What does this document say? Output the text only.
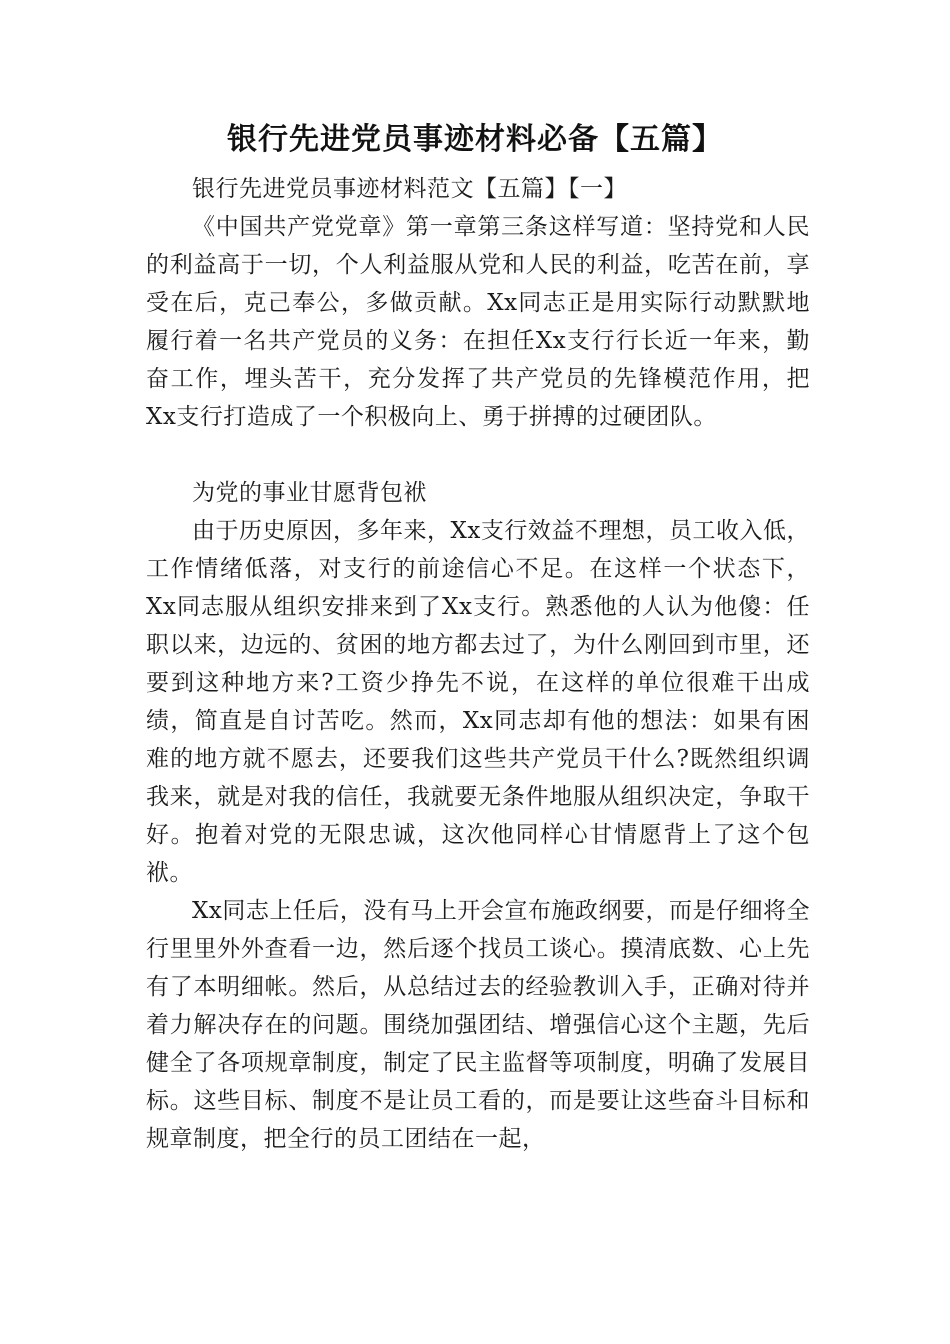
银行先进党员事迹材料必备【五篇】

银行先进党员事迹材料范文【五篇】【一】

《中国共产党党章》第一章第三条这样写道：坚持党和人民的利益高于一切，个人利益服从党和人民的利益，吃苦在前，享受在后，克己奉公，多做贡献。Xx同志正是用实际行动默默地履行着一名共产党员的义务：在担任Xx支行行长近一年来，勤奋工作，埋头苦干，充分发挥了共产党员的先锋模范作用，把Xx支行打造成了一个积极向上、勇于拼搏的过硬团队。

为党的事业甘愿背包袱

由于历史原因，多年来，Xx支行效益不理想，员工收入低，工作情绪低落，对支行的前途信心不足。在这样一个状态下，Xx同志服从组织安排来到了Xx支行。熟悉他的人认为他傻：任职以来，边远的、贫困的地方都去过了，为什么刚回到市里，还要到这种地方来?工资少挣先不说，在这样的单位很难干出成绩，简直是自讨苦吃。然而，Xx同志却有他的想法：如果有困难的地方就不愿去，还要我们这些共产党员干什么?既然组织调我来，就是对我的信任，我就要无条件地服从组织决定，争取干好。抱着对党的无限忠诚，这次他同样心甘情愿背上了这个包袱。

Xx同志上任后，没有马上开会宣布施政纲要，而是仔细将全行里里外外查看一边，然后逐个找员工谈心。摸清底数、心上先有了本明细帐。然后，从总结过去的经验教训入手，正确对待并着力解决存在的问题。围绕加强团结、增强信心这个主题，先后健全了各项规章制度，制定了民主监督等项制度，明确了发展目标。这些目标、制度不是让员工看的，而是要让这些奋斗目标和规章制度，把全行的员工团结在一起，
